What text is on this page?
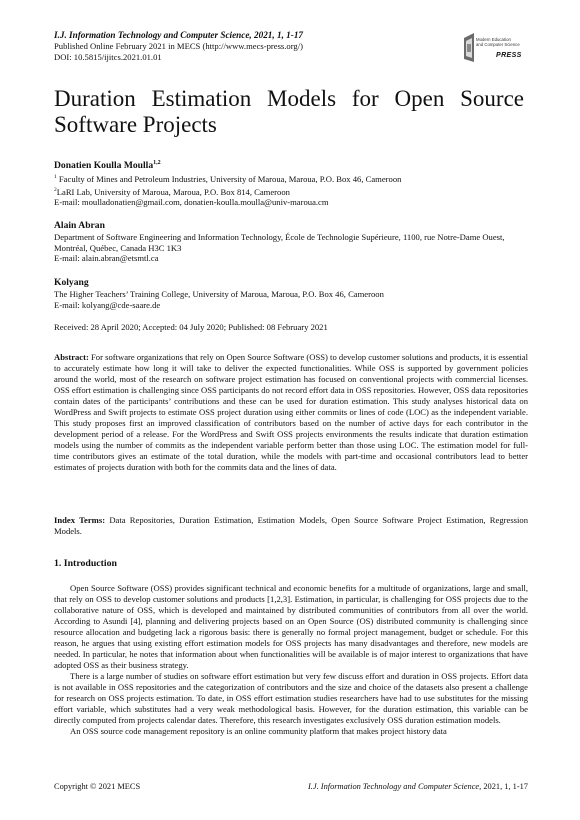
I.J. Information Technology and Computer Science, 2021, 1, 1-17
Published Online February 2021 in MECS (http://www.mecs-press.org/)
DOI: 10.5815/ijitcs.2021.01.01
Modern Education
and Computer Science
PRESS
Duration Estimation Models for Open Source Software Projects
Donatien Koulla Moulla$^{1,2}$
$^1$ Faculty of Mines and Petroleum Industries, University of Maroua, Maroua, P.O. Box 46, Cameroon
$^2$LaRI Lab, University of Maroua, Maroua, P.O. Box 814, Cameroon
E-mail: moulladonatien@gmail.com, donatien-koulla.moulla@univ-maroua.cm
Alain Abran
Department of Software Engineering and Information Technology, École de Technologie Supérieure, 1100, rue Notre-Dame Ouest, Montréal, Québec, Canada H3C 1K3
E-mail: alain.abran@etsmtl.ca
Kolyang
The Higher Teachers’ Training College, University of Maroua, Maroua, P.O. Box 46, Cameroon
E-mail: kolyang@cde-saare.de
Received: 28 April 2020; Accepted: 04 July 2020; Published: 08 February 2021
Abstract: For software organizations that rely on Open Source Software (OSS) to develop customer solutions and products, it is essential to accurately estimate how long it will take to deliver the expected functionalities. While OSS is supported by government policies around the world, most of the research on software project estimation has focused on conventional projects with commercial licenses. OSS effort estimation is challenging since OSS participants do not record effort data in OSS repositories. However, OSS data repositories contain dates of the participants’ contributions and these can be used for duration estimation. This study analyses historical data on WordPress and Swift projects to estimate OSS project duration using either commits or lines of code (LOC) as the independent variable. This study proposes first an improved classification of contributors based on the number of active days for each contributor in the development period of a release. For the WordPress and Swift OSS projects environments the results indicate that duration estimation models using the number of commits as the independent variable perform better than those using LOC. The estimation model for full-time contributors gives an estimate of the total duration, while the models with part-time and occasional contributors lead to better estimates of projects duration with both for the commits data and the lines of data.
Index Terms: Data Repositories, Duration Estimation, Estimation Models, Open Source Software Project Estimation, Regression Models.
1. Introduction

Open Source Software (OSS) provides significant technical and economic benefits for a multitude of organizations, large and small, that rely on OSS to develop customer solutions and products [1,2,3]. Estimation, in particular, is challenging for OSS projects due to the collaborative nature of OSS, which is developed and maintained by distributed communities of contributors from all over the world. According to Asundi [4], planning and delivering projects based on an Open Source (OS) distributed community is challenging since resource allocation and budgeting lack a rigorous basis: there is generally no formal project management, budget or schedule. For this reason, he argues that using existing effort estimation models for OSS projects has many disadvantages and therefore, new models are needed. In particular, he notes that information about when functionalities will be available is of major interest to organizations that have adopted OSS as their business strategy.

There is a large number of studies on software effort estimation but very few discuss effort and duration in OSS projects. Effort data is not available in OSS repositories and the categorization of contributors and the size and choice of the datasets also present a challenge for research on OSS projects estimation. To date, in OSS effort estimation studies researchers have had to use substitutes for the missing effort variable, which substitutes had a very weak methodological basis. However, for the duration estimation, this variable can be directly computed from projects calendar dates. Therefore, this research investigates exclusively OSS duration estimation models.

An OSS source code management repository is an online community platform that makes project history data

Copyright © 2021 MECS	I.J. Information Technology and Computer Science, 2021, 1, 1-17
